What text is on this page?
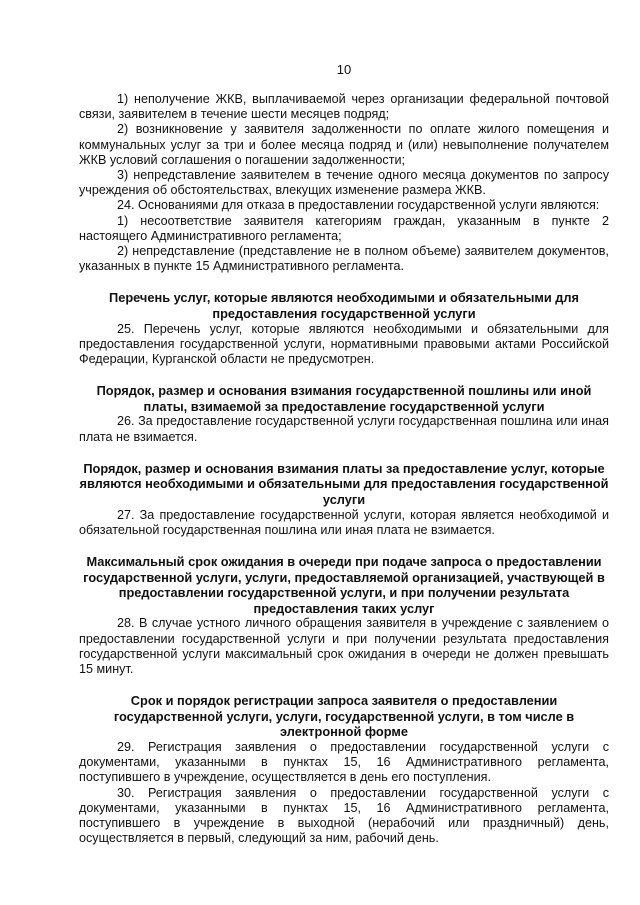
10

1) неполучение ЖКВ, выплачиваемой через организации федеральной почтовой связи, заявителем в течение шести месяцев подряд;

2) возникновение у заявителя задолженности по оплате жилого помещения и коммунальных услуг за три и более месяца подряд и (или) невыполнение получателем ЖКВ условий соглашения о погашении задолженности;

3) непредставление заявителем в течение одного месяца документов по запросу учреждения об обстоятельствах, влекущих изменение размера ЖКВ.

24. Основаниями для отказа в предоставлении государственной услуги являются:

1) несоответствие заявителя категориям граждан, указанным в пункте 2 настоящего Административного регламента;

2) непредставление (представление не в полном объеме) заявителем документов, указанных в пункте 15 Административного регламента.

Перечень услуг, которые являются необходимыми и обязательными для предоставления государственной услуги

25. Перечень услуг, которые являются необходимыми и обязательными для предоставления государственной услуги, нормативными правовыми актами Российской Федерации, Курганской области не предусмотрен.

Порядок, размер и основания взимания государственной пошлины или иной платы, взимаемой за предоставление государственной услуги

26. За предоставление государственной услуги государственная пошлина или иная плата не взимается.

Порядок, размер и основания взимания платы за предоставление услуг, которые являются необходимыми и обязательными для предоставления государственной услуги

27. За предоставление государственной услуги, которая является необходимой и обязательной государственная пошлина или иная плата не взимается.

Максимальный срок ожидания в очереди при подаче запроса о предоставлении государственной услуги, услуги, предоставляемой организацией, участвующей в предоставлении государственной услуги, и при получении результата предоставления таких услуг

28. В случае устного личного обращения заявителя в учреждение с заявлением о предоставлении государственной услуги и при получении результата предоставления государственной услуги максимальный срок ожидания в очереди не должен превышать 15 минут.

Срок и порядок регистрации запроса заявителя о предоставлении государственной услуги, услуги, государственной услуги, в том числе в электронной форме

29. Регистрация заявления о предоставлении государственной услуги с документами, указанными в пунктах 15, 16 Административного регламента, поступившего в учреждение, осуществляется в день его поступления.

30. Регистрация заявления о предоставлении государственной услуги с документами, указанными в пунктах 15, 16 Административного регламента, поступившего в учреждение в выходной (нерабочий или праздничный) день, осуществляется в первый, следующий за ним, рабочий день.
